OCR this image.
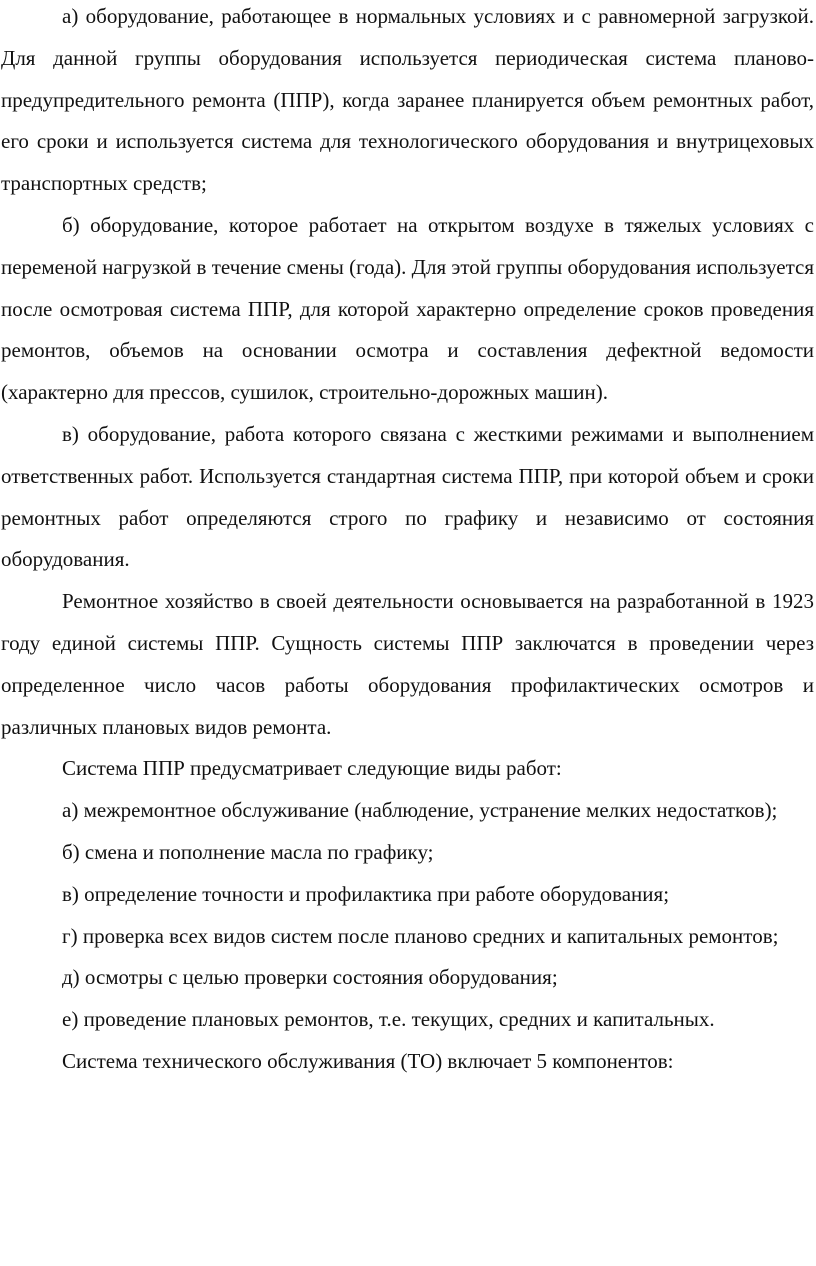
а) оборудование, работающее в нормальных условиях и с равномерной загрузкой. Для данной группы оборудования используется периодическая система планово-предупредительного ремонта (ППР), когда заранее планируется объем ремонтных работ, его сроки и используется система для технологического оборудования и внутрицеховых транспортных средств;

б) оборудование, которое работает на открытом воздухе в тяжелых условиях с переменой нагрузкой в течение смены (года). Для этой группы оборудования используется после осмотровая система ППР, для которой характерно определение сроков проведения ремонтов, объемов на основании осмотра и составления дефектной ведомости (характерно для прессов, сушилок, строительно-дорожных машин).

в) оборудование, работа которого связана с жесткими режимами и выполнением ответственных работ. Используется стандартная система ППР, при которой объем и сроки ремонтных работ определяются строго по графику и независимо от состояния оборудования.

Ремонтное хозяйство в своей деятельности основывается на разработанной в 1923 году единой системы ППР. Сущность системы ППР заключатся в проведении через определенное число часов работы оборудования профилактических осмотров и различных плановых видов ремонта.

Система ППР предусматривает следующие виды работ:

а) межремонтное обслуживание (наблюдение, устранение мелких недостатков);

б) смена и пополнение масла по графику;

в) определение точности и профилактика при работе оборудования;

г) проверка всех видов систем после планово средних и капитальных ремонтов;

д) осмотры с целью проверки состояния оборудования;

е) проведение плановых ремонтов, т.е. текущих, средних и капитальных.

Система технического обслуживания (ТО) включает 5 компонентов:
